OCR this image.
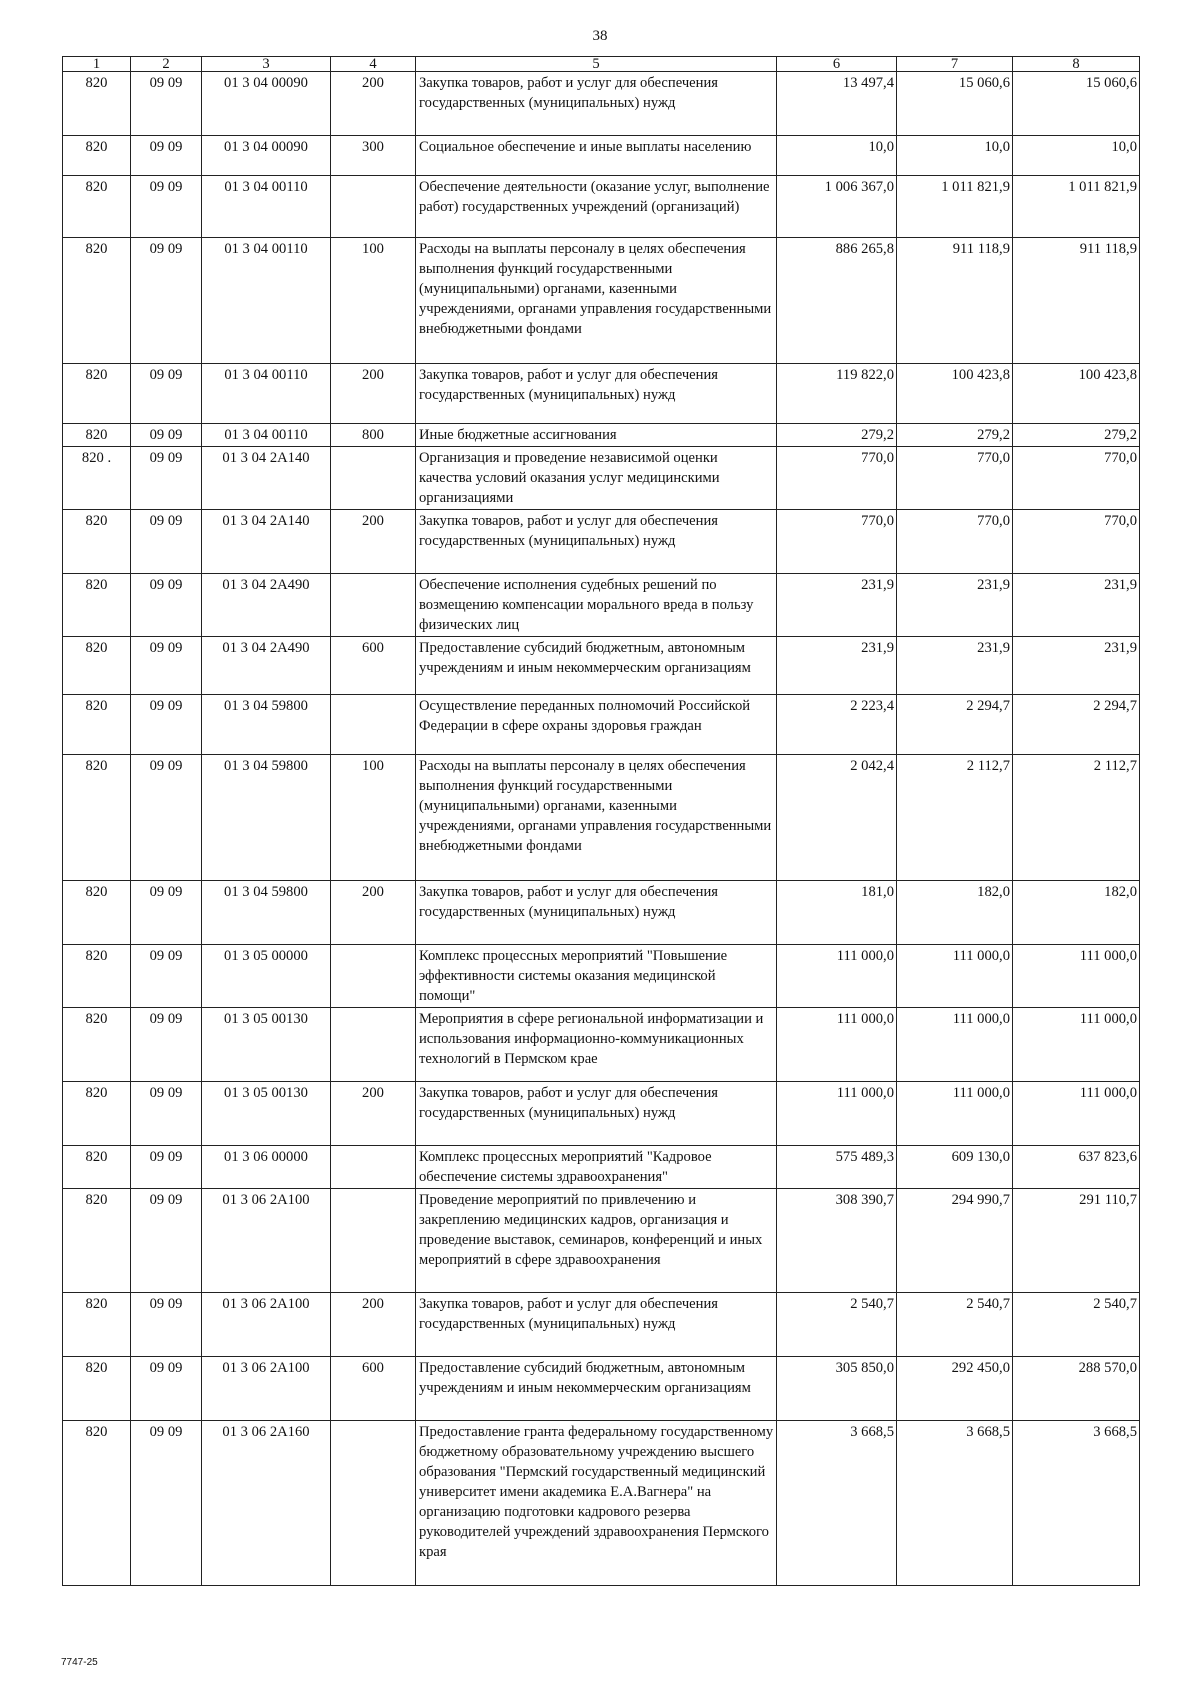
38
1	2	3	4	5	6	7	8
820	09 09	01 3 04 00090	200	Закупка товаров, работ и услуг для обеспечения государственных (муниципальных) нужд	13 497,4	15 060,6	15 060,6
820	09 09	01 3 04 00090	300	Социальное обеспечение и иные выплаты населению	10,0	10,0	10,0
820	09 09	01 3 04 00110		Обеспечение деятельности (оказание услуг, выполнение работ) государственных учреждений (организаций)	1 006 367,0	1 011 821,9	1 011 821,9
820	09 09	01 3 04 00110	100	Расходы на выплаты персоналу в целях обеспечения выполнения функций государственными (муниципальными) органами, казенными учреждениями, органами управления государственными внебюджетными фондами	886 265,8	911 118,9	911 118,9
820	09 09	01 3 04 00110	200	Закупка товаров, работ и услуг для обеспечения государственных (муниципальных) нужд	119 822,0	100 423,8	100 423,8
820	09 09	01 3 04 00110	800	Иные бюджетные ассигнования	279,2	279,2	279,2
820 .	09 09	01 3 04 2А140		Организация и проведение независимой оценки качества условий оказания услуг медицинскими организациями	770,0	770,0	770,0
820	09 09	01 3 04 2А140	200	Закупка товаров, работ и услуг для обеспечения государственных (муниципальных) нужд	770,0	770,0	770,0
820	09 09	01 3 04 2А490		Обеспечение исполнения судебных решений по возмещению компенсации морального вреда в пользу физических лиц	231,9	231,9	231,9
820	09 09	01 3 04 2А490	600	Предоставление субсидий бюджетным, автономным учреждениям и иным некоммерческим организациям	231,9	231,9	231,9
820	09 09	01 3 04 59800		Осуществление переданных полномочий Российской Федерации в сфере охраны здоровья граждан	2 223,4	2 294,7	2 294,7
820	09 09	01 3 04 59800	100	Расходы на выплаты персоналу в целях обеспечения выполнения функций государственными (муниципальными) органами, казенными учреждениями, органами управления государственными внебюджетными фондами	2 042,4	2 112,7	2 112,7
820	09 09	01 3 04 59800	200	Закупка товаров, работ и услуг для обеспечения государственных (муниципальных) нужд	181,0	182,0	182,0
820	09 09	01 3 05 00000		Комплекс процессных мероприятий "Повышение эффективности системы оказания медицинской помощи"	111 000,0	111 000,0	111 000,0
820	09 09	01 3 05 00130		Мероприятия в сфере региональной информатизации и использования информационно-коммуникационных технологий в Пермском крае	111 000,0	111 000,0	111 000,0
820	09 09	01 3 05 00130	200	Закупка товаров, работ и услуг для обеспечения государственных (муниципальных) нужд	111 000,0	111 000,0	111 000,0
820	09 09	01 3 06 00000		Комплекс процессных мероприятий "Кадровое обеспечение системы здравоохранения"	575 489,3	609 130,0	637 823,6
820	09 09	01 3 06 2А100		Проведение мероприятий по привлечению и закреплению медицинских кадров, организация и проведение выставок, семинаров, конференций и иных мероприятий в сфере здравоохранения	308 390,7	294 990,7	291 110,7
820	09 09	01 3 06 2А100	200	Закупка товаров, работ и услуг для обеспечения государственных (муниципальных) нужд	2 540,7	2 540,7	2 540,7
820	09 09	01 3 06 2А100	600	Предоставление субсидий бюджетным, автономным учреждениям и иным некоммерческим организациям	305 850,0	292 450,0	288 570,0
820	09 09	01 3 06 2А160		Предоставление гранта федеральному государственному бюджетному образовательному учреждению высшего образования "Пермский государственный медицинский университет имени академика Е.А.Вагнера" на организацию подготовки кадрового резерва руководителей учреждений здравоохранения Пермского края	3 668,5	3 668,5	3 668,5
7747-25
